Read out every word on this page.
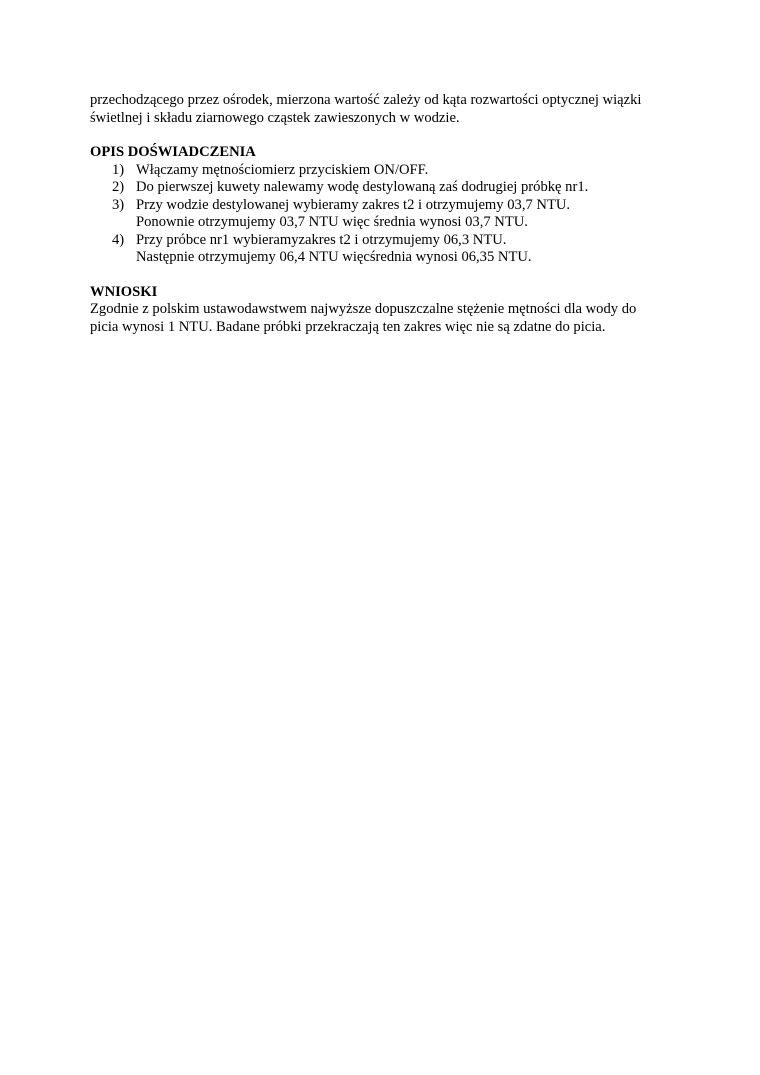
przechodzącego przez ośrodek, mierzona wartość zależy od kąta rozwartości optycznej wiązki
świetlnej i składu ziarnowego cząstek zawieszonych w wodzie.
OPIS DOŚWIADCZENIA
1) Włączamy mętnościomierz przyciskiem ON/OFF.
2) Do pierwszej kuwety nalewamy wodę destylowaną zaś dodrugiej próbkę nr1.
3) Przy wodzie destylowanej wybieramy zakres t2 i otrzymujemy 03,7 NTU.
Ponownie otrzymujemy 03,7 NTU więc średnia wynosi 03,7 NTU.
4) Przy próbce nr1 wybieramyzakres t2 i otrzymujemy 06,3 NTU.
Następnie otrzymujemy 06,4 NTU więcśrednia wynosi 06,35 NTU.
WNIOSKI
Zgodnie z polskim ustawodawstwem najwyższe dopuszczalne stężenie mętności dla wody do
picia wynosi 1 NTU. Badane próbki przekraczają ten zakres więc nie są zdatne do picia.
